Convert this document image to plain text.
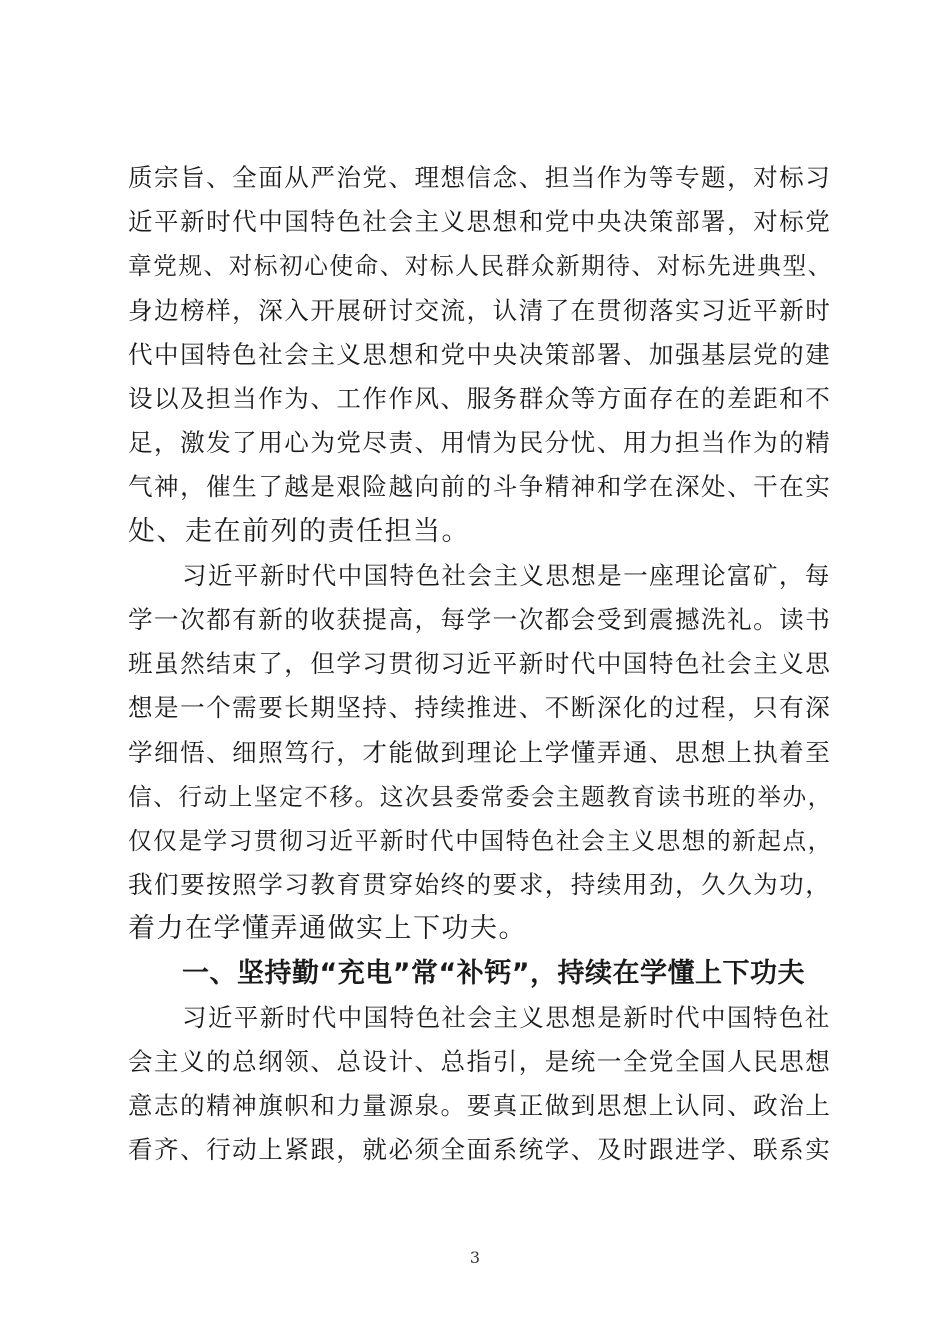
质宗旨、全面从严治党、理想信念、担当作为等专题，对标习
近平新时代中国特色社会主义思想和党中央决策部署，对标党
章党规、对标初心使命、对标人民群众新期待、对标先进典型、
身边榜样，深入开展研讨交流，认清了在贯彻落实习近平新时
代中国特色社会主义思想和党中央决策部署、加强基层党的建
设以及担当作为、工作作风、服务群众等方面存在的差距和不
足，激发了用心为党尽责、用情为民分忧、用力担当作为的精
气神，催生了越是艰险越向前的斗争精神和学在深处、干在实
处、走在前列的责任担当。
习近平新时代中国特色社会主义思想是一座理论富矿，每
学一次都有新的收获提高，每学一次都会受到震撼洗礼。读书
班虽然结束了，但学习贯彻习近平新时代中国特色社会主义思
想是一个需要长期坚持、持续推进、不断深化的过程，只有深
学细悟、细照笃行，才能做到理论上学懂弄通、思想上执着至
信、行动上坚定不移。这次县委常委会主题教育读书班的举办，
仅仅是学习贯彻习近平新时代中国特色社会主义思想的新起点，
我们要按照学习教育贯穿始终的要求，持续用劲，久久为功，
着力在学懂弄通做实上下功夫。
一、坚持勤“充电”常“补钙”，持续在学懂上下功夫
习近平新时代中国特色社会主义思想是新时代中国特色社
会主义的总纲领、总设计、总指引，是统一全党全国人民思想
意志的精神旗帜和力量源泉。要真正做到思想上认同、政治上
看齐、行动上紧跟，就必须全面系统学、及时跟进学、联系实
3
